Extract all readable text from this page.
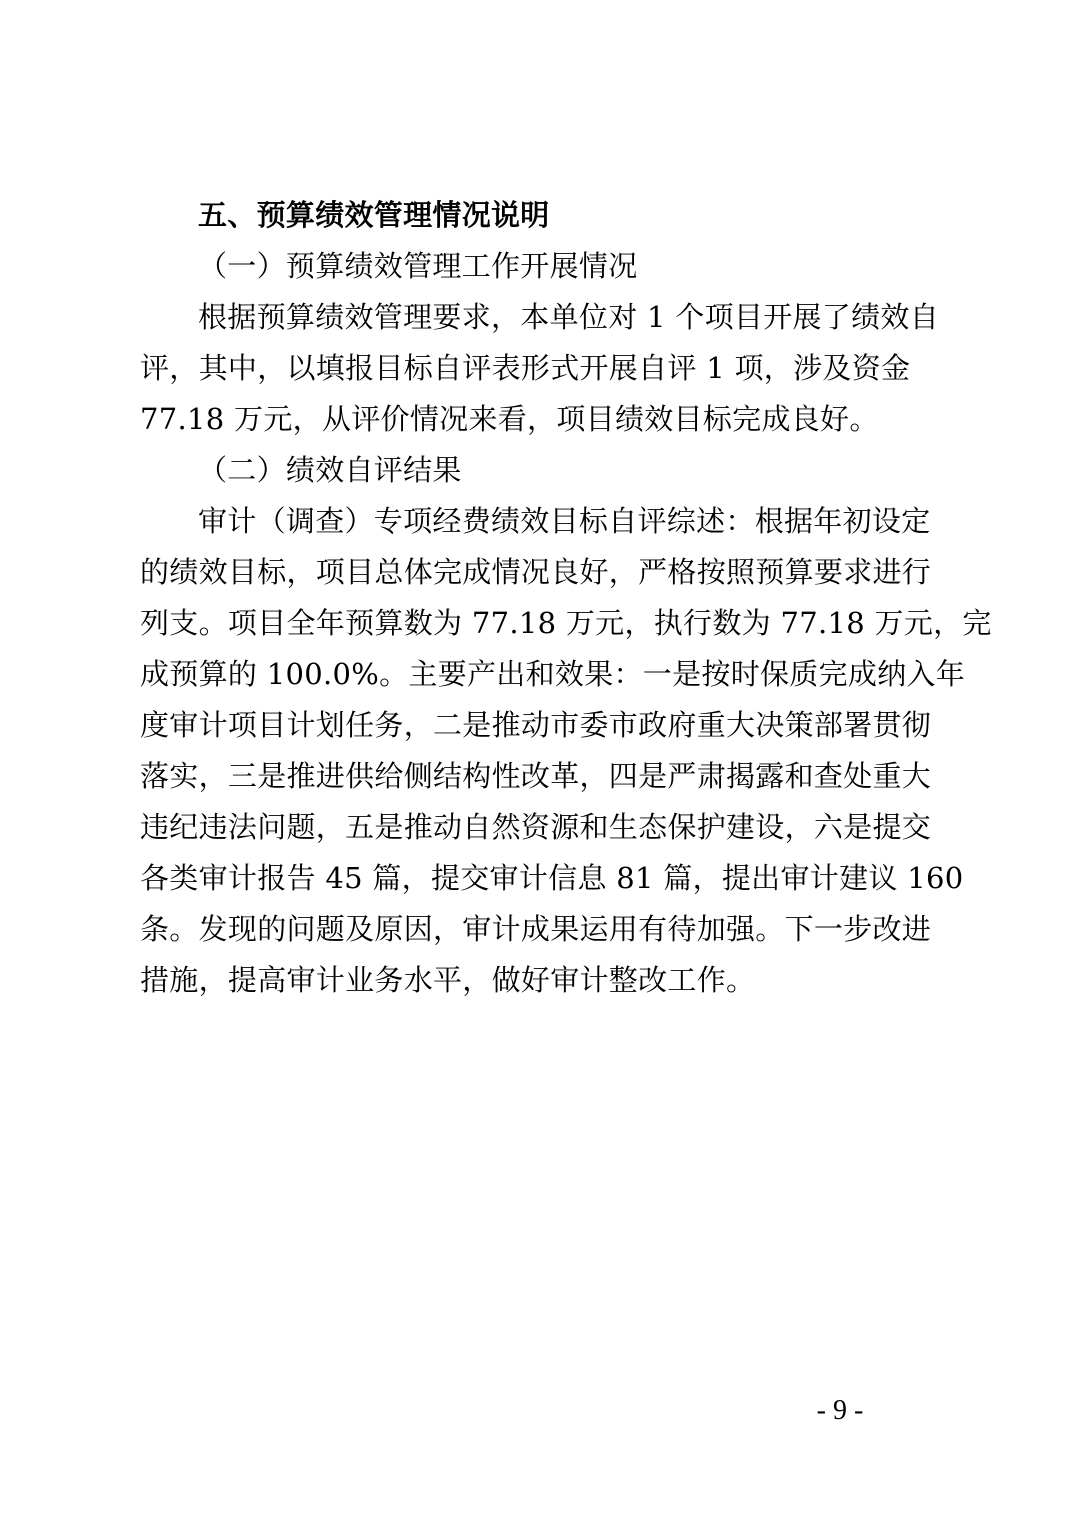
五、预算绩效管理情况说明
（一）预算绩效管理工作开展情况
根据预算绩效管理要求，本单位对 1 个项目开展了绩效自
评，其中，以填报目标自评表形式开展自评 1 项，涉及资金
77.18 万元，从评价情况来看，项目绩效目标完成良好。
（二）绩效自评结果
审计（调查）专项经费绩效目标自评综述：根据年初设定
的绩效目标，项目总体完成情况良好，严格按照预算要求进行
列支。项目全年预算数为 77.18 万元，执行数为 77.18 万元，完
成预算的 100.0%。主要产出和效果：一是按时保质完成纳入年
度审计项目计划任务，二是推动市委市政府重大决策部署贯彻
落实，三是推进供给侧结构性改革，四是严肃揭露和查处重大
违纪违法问题，五是推动自然资源和生态保护建设，六是提交
各类审计报告 45 篇，提交审计信息 81 篇，提出审计建议 160
条。发现的问题及原因，审计成果运用有待加强。下一步改进
措施，提高审计业务水平，做好审计整改工作。
- 9 -
